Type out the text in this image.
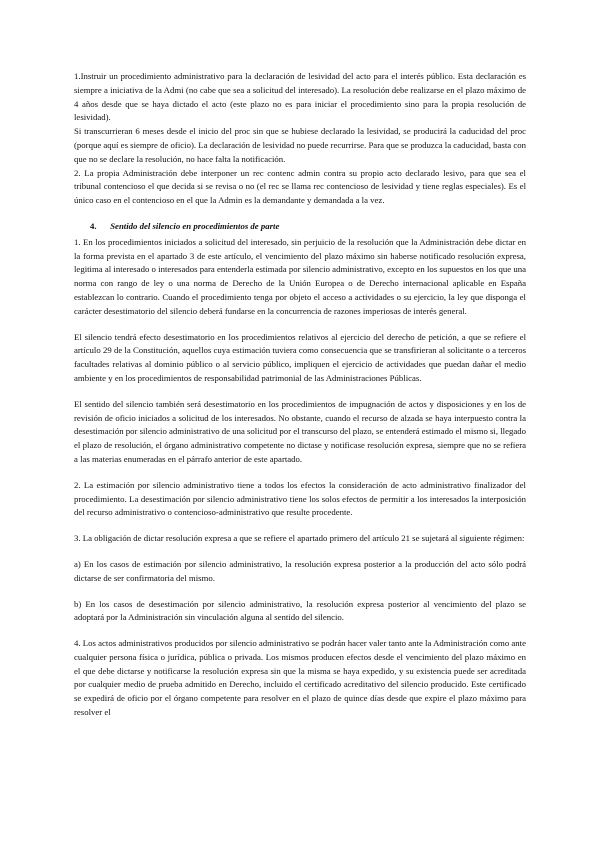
1.Instruir un procedimiento administrativo para la declaración de lesividad del acto para el interés público. Esta declaración es siempre a iniciativa de la Admi (no cabe que sea a solicitud del interesado). La resolución debe realizarse en el plazo máximo de 4 años desde que se haya dictado el acto (este plazo no es para iniciar el procedimiento sino para la propia resolución de lesividad).

Si transcurrieran 6 meses desde el inicio del proc sin que se hubiese declarado la lesividad, se producirá la caducidad del proc (porque aquí es siempre de oficio). La declaración de lesividad no puede recurrirse. Para que se produzca la caducidad, basta con que no se declare la resolución, no hace falta la notificación.

2. La propia Administración debe interponer un rec contenc admin contra su propio acto declarado lesivo, para que sea el tribunal contencioso el que decida si se revisa o no (el rec se llama rec contencioso de lesividad y tiene reglas especiales). Es el único caso en el contencioso en el que la Admin es la demandante y demandada a la vez.

4. Sentido del silencio en procedimientos de parte

1. En los procedimientos iniciados a solicitud del interesado, sin perjuicio de la resolución que la Administración debe dictar en la forma prevista en el apartado 3 de este artículo, el vencimiento del plazo máximo sin haberse notificado resolución expresa, legitima al interesado o interesados para entenderla estimada por silencio administrativo, excepto en los supuestos en los que una norma con rango de ley o una norma de Derecho de la Unión Europea o de Derecho internacional aplicable en España establezcan lo contrario. Cuando el procedimiento tenga por objeto el acceso a actividades o su ejercicio, la ley que disponga el carácter desestimatorio del silencio deberá fundarse en la concurrencia de razones imperiosas de interés general.

El silencio tendrá efecto desestimatorio en los procedimientos relativos al ejercicio del derecho de petición, a que se refiere el artículo 29 de la Constitución, aquellos cuya estimación tuviera como consecuencia que se transfirieran al solicitante o a terceros facultades relativas al dominio público o al servicio público, impliquen el ejercicio de actividades que puedan dañar el medio ambiente y en los procedimientos de responsabilidad patrimonial de las Administraciones Públicas.

El sentido del silencio también será desestimatorio en los procedimientos de impugnación de actos y disposiciones y en los de revisión de oficio iniciados a solicitud de los interesados. No obstante, cuando el recurso de alzada se haya interpuesto contra la desestimación por silencio administrativo de una solicitud por el transcurso del plazo, se entenderá estimado el mismo si, llegado el plazo de resolución, el órgano administrativo competente no dictase y notificase resolución expresa, siempre que no se refiera a las materias enumeradas en el párrafo anterior de este apartado.

2. La estimación por silencio administrativo tiene a todos los efectos la consideración de acto administrativo finalizador del procedimiento. La desestimación por silencio administrativo tiene los solos efectos de permitir a los interesados la interposición del recurso administrativo o contencioso-administrativo que resulte procedente.

3. La obligación de dictar resolución expresa a que se refiere el apartado primero del artículo 21 se sujetará al siguiente régimen:

a) En los casos de estimación por silencio administrativo, la resolución expresa posterior a la producción del acto sólo podrá dictarse de ser confirmatoria del mismo.

b) En los casos de desestimación por silencio administrativo, la resolución expresa posterior al vencimiento del plazo se adoptará por la Administración sin vinculación alguna al sentido del silencio.

4. Los actos administrativos producidos por silencio administrativo se podrán hacer valer tanto ante la Administración como ante cualquier persona física o jurídica, pública o privada. Los mismos producen efectos desde el vencimiento del plazo máximo en el que debe dictarse y notificarse la resolución expresa sin que la misma se haya expedido, y su existencia puede ser acreditada por cualquier medio de prueba admitido en Derecho, incluido el certificado acreditativo del silencio producido. Este certificado se expedirá de oficio por el órgano competente para resolver en el plazo de quince días desde que expire el plazo máximo para resolver el
